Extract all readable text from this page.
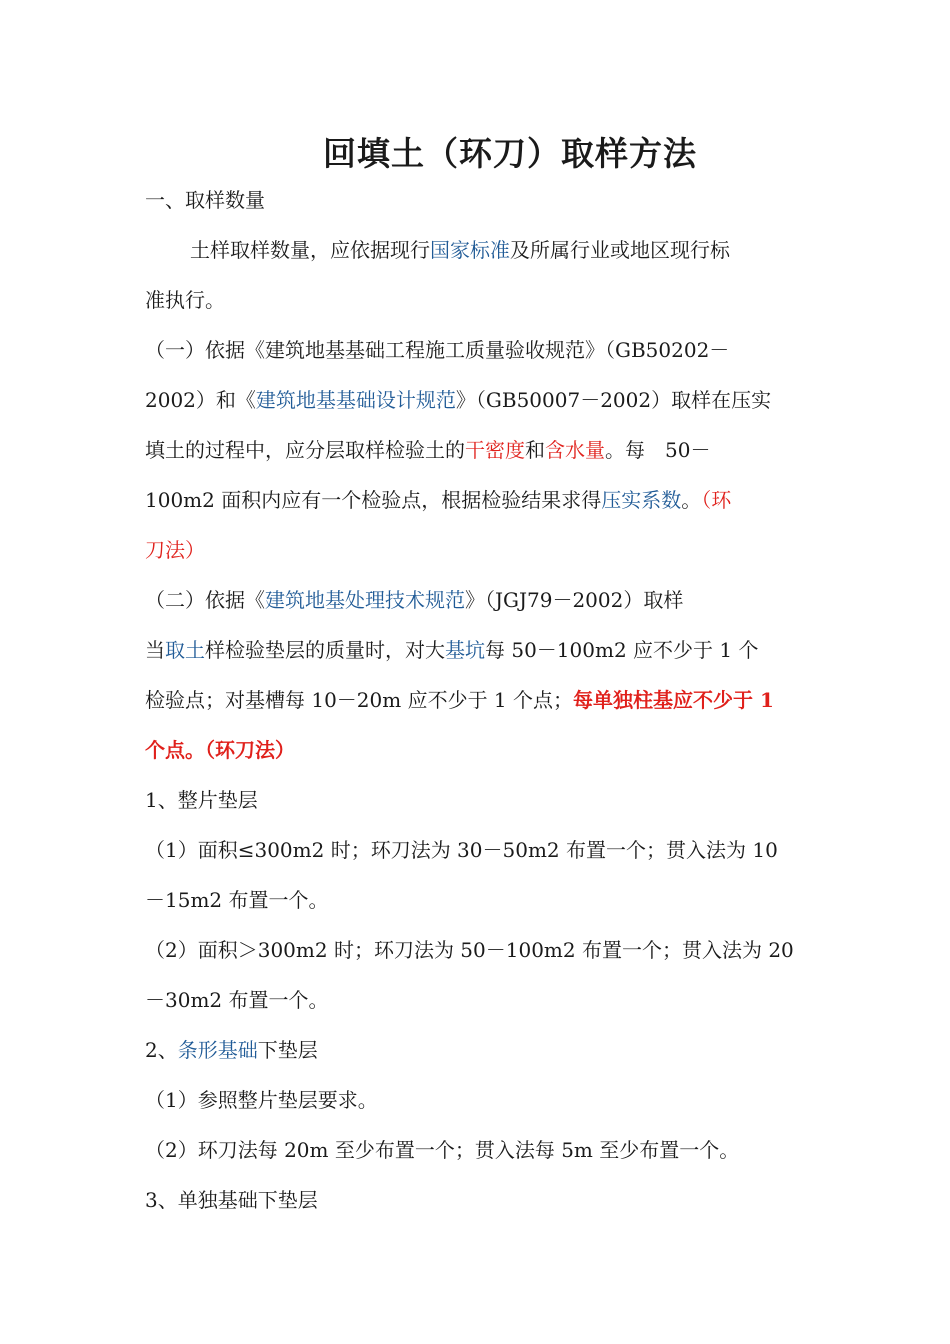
回填土（环刀）取样方法
一、取样数量
土样取样数量，应依据现行国家标准及所属行业或地区现行标
准执行。
（一）依据《建筑地基基础工程施工质量验收规范》（GB50202－
2002）和《建筑地基基础设计规范》（GB50007－2002）取样在压实
填土的过程中，应分层取样检验土的干密度和含水量。每　50－
100m2 面积内应有一个检验点，根据检验结果求得压实系数。（环
刀法）
（二）依据《建筑地基处理技术规范》（JGJ79－2002）取样
当取土样检验垫层的质量时，对大基坑每 50－100m2 应不少于 1 个
检验点；对基槽每 10－20m 应不少于 1 个点；每单独柱基应不少于 1
个点。（环刀法）
1、整片垫层
（1）面积≤300m2 时；环刀法为 30－50m2 布置一个；贯入法为 10
－15m2 布置一个。
（2）面积＞300m2 时；环刀法为 50－100m2 布置一个；贯入法为 20
－30m2 布置一个。
2、条形基础下垫层
（1）参照整片垫层要求。
（2）环刀法每 20m 至少布置一个；贯入法每 5m 至少布置一个。
3、单独基础下垫层
